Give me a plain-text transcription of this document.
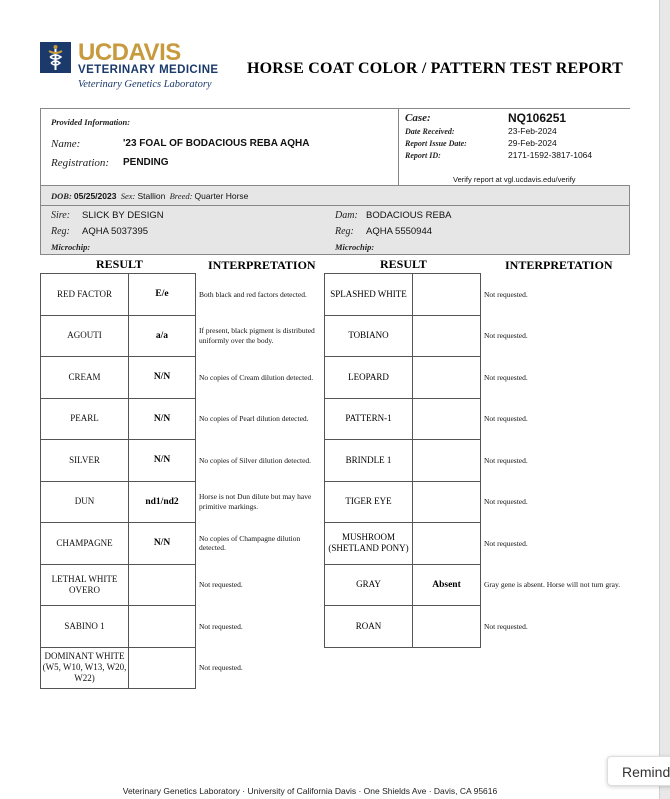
UCDAVIS
VETERINARY MEDICINE
Veterinary Genetics Laboratory
HORSE COAT COLOR / PATTERN TEST REPORT
Provided Information:
Name:	'23 FOAL OF BODACIOUS REBA AQHA
Registration: PENDING
Case:	NQ106251
Date Received:	23-Feb-2024
Report Issue Date:	29-Feb-2024
Report ID:	2171-1592-3817-1064
Verify report at vgl.ucdavis.edu/verify
DOB: 05/25/2023 Sex: Stallion Breed: Quarter Horse
Sire: SLICK BY DESIGN
Reg: AQHA 5037395
Microchip:
Dam: BODACIOUS REBA
Reg: AQHA 5550944
Microchip:
RESULT	INTERPRETATION	RESULT	INTERPRETATION
RED FACTOR	E/e	Both black and red factors detected.
AGOUTI	a/a	If present, black pigment is distributed uniformly over the body.
CREAM	N/N	No copies of Cream dilution detected.
PEARL	N/N	No copies of Pearl dilution detected.
SILVER	N/N	No copies of Silver dilution detected.
DUN	nd1/nd2	Horse is not Dun dilute but may have primitive markings.
CHAMPAGNE	N/N	No copies of Champagne dilution detected.
LETHAL WHITE OVERO		Not requested.
SABINO 1		Not requested.
DOMINANT WHITE (W5, W10, W13, W20, W22)		Not requested.
SPLASHED WHITE		Not requested.
TOBIANO		Not requested.
LEOPARD		Not requested.
PATTERN-1		Not requested.
BRINDLE 1		Not requested.
TIGER EYE		Not requested.
MUSHROOM (SHETLAND PONY)		Not requested.
GRAY	Absent	Gray gene is absent. Horse will not turn gray.
ROAN		Not requested.
Veterinary Genetics Laboratory · University of California Davis · One Shields Ave · Davis, CA 95616
Remind
